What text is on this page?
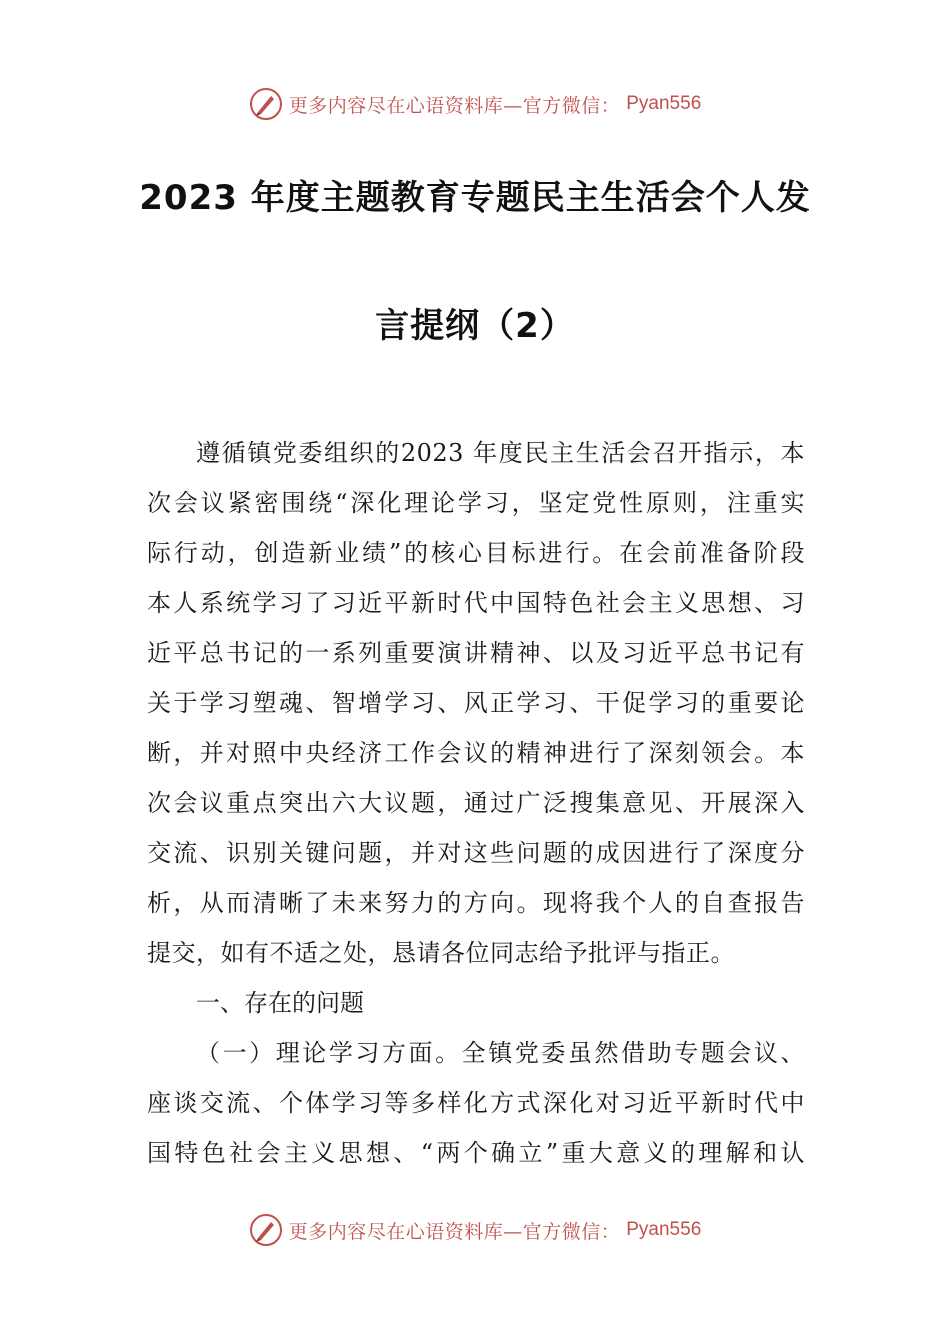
更多内容尽在心语资料库—官方微信： Pyan556
2023 年度主题教育专题民主生活会个人发
言提纲（2）
遵循镇党委组织的2023 年度民主生活会召开指示，本
次会议紧密围绕“深化理论学习，坚定党性原则，注重实
际行动，创造新业绩”的核心目标进行。在会前准备阶段
本人系统学习了习近平新时代中国特色社会主义思想、习
近平总书记的一系列重要演讲精神、以及习近平总书记有
关于学习塑魂、智增学习、风正学习、干促学习的重要论
断，并对照中央经济工作会议的精神进行了深刻领会。本
次会议重点突出六大议题，通过广泛搜集意见、开展深入
交流、识别关键问题，并对这些问题的成因进行了深度分
析，从而清晰了未来努力的方向。现将我个人的自查报告
提交，如有不适之处，恳请各位同志给予批评与指正。
一、存在的问题
（一）理论学习方面。全镇党委虽然借助专题会议、
座谈交流、个体学习等多样化方式深化对习近平新时代中
国特色社会主义思想、“两个确立”重大意义的理解和认
更多内容尽在心语资料库—官方微信： Pyan556
